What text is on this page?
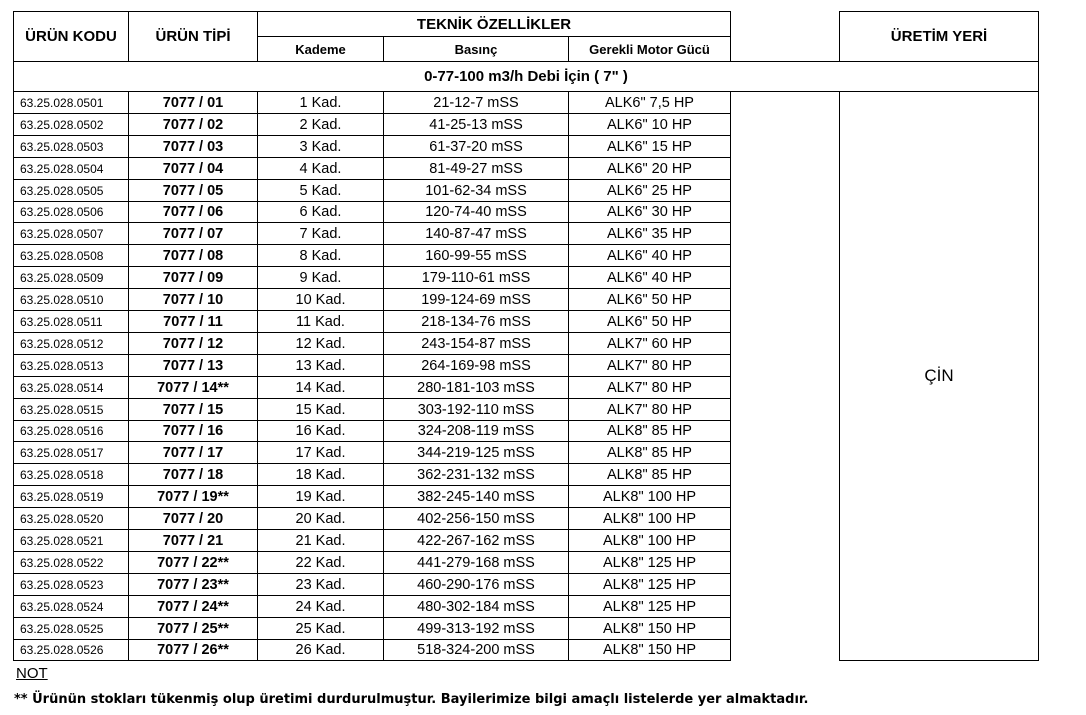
ÜRÜN KODU	ÜRÜN TİPİ
TEKNİK ÖZELLİKLER
Kademe	Basınç	Gerekli Motor Gücü
ÜRETİM YERİ
0-77-100 m3/h Debi İçin ( 7" )
ÇİN
63.25.028.0501	7077 / 01	1 Kad.	21-12-7 mSS	ALK6" 7,5 HP
63.25.028.0502	7077 / 02	2 Kad.	41-25-13 mSS	ALK6" 10 HP
63.25.028.0503	7077 / 03	3 Kad.	61-37-20 mSS	ALK6" 15 HP
63.25.028.0504	7077 / 04	4 Kad.	81-49-27 mSS	ALK6" 20 HP
63.25.028.0505	7077 / 05	5 Kad.	101-62-34 mSS	ALK6" 25 HP
63.25.028.0506	7077 / 06	6 Kad.	120-74-40 mSS	ALK6" 30 HP
63.25.028.0507	7077 / 07	7 Kad.	140-87-47 mSS	ALK6" 35 HP
63.25.028.0508	7077 / 08	8 Kad.	160-99-55 mSS	ALK6" 40 HP
63.25.028.0509	7077 / 09	9 Kad.	179-110-61 mSS	ALK6" 40 HP
63.25.028.0510	7077 / 10	10 Kad.	199-124-69 mSS	ALK6" 50 HP
63.25.028.0511	7077 / 11	11 Kad.	218-134-76 mSS	ALK6" 50 HP
63.25.028.0512	7077 / 12	12 Kad.	243-154-87 mSS	ALK7" 60 HP
63.25.028.0513	7077 / 13	13 Kad.	264-169-98 mSS	ALK7" 80 HP
63.25.028.0514	7077 / 14**	14 Kad.	280-181-103 mSS	ALK7" 80 HP
63.25.028.0515	7077 / 15	15 Kad.	303-192-110 mSS	ALK7" 80 HP
63.25.028.0516	7077 / 16	16 Kad.	324-208-119 mSS	ALK8" 85 HP
63.25.028.0517	7077 / 17	17 Kad.	344-219-125 mSS	ALK8" 85 HP
63.25.028.0518	7077 / 18	18 Kad.	362-231-132 mSS	ALK8" 85 HP
63.25.028.0519	7077 / 19**	19 Kad.	382-245-140 mSS	ALK8" 100 HP
63.25.028.0520	7077 / 20	20 Kad.	402-256-150 mSS	ALK8" 100 HP
63.25.028.0521	7077 / 21	21 Kad.	422-267-162 mSS	ALK8" 100 HP
63.25.028.0522	7077 / 22**	22 Kad.	441-279-168 mSS	ALK8" 125 HP
63.25.028.0523	7077 / 23**	23 Kad.	460-290-176 mSS	ALK8" 125 HP
63.25.028.0524	7077 / 24**	24 Kad.	480-302-184 mSS	ALK8" 125 HP
63.25.028.0525	7077 / 25**	25 Kad.	499-313-192 mSS	ALK8" 150 HP
63.25.028.0526	7077 / 26**	26 Kad.	518-324-200 mSS	ALK8" 150 HP
NOT
** Ürünün stokları tükenmiş olup üretimi durdurulmuştur. Bayilerimize bilgi amaçlı listelerde yer almaktadır.
